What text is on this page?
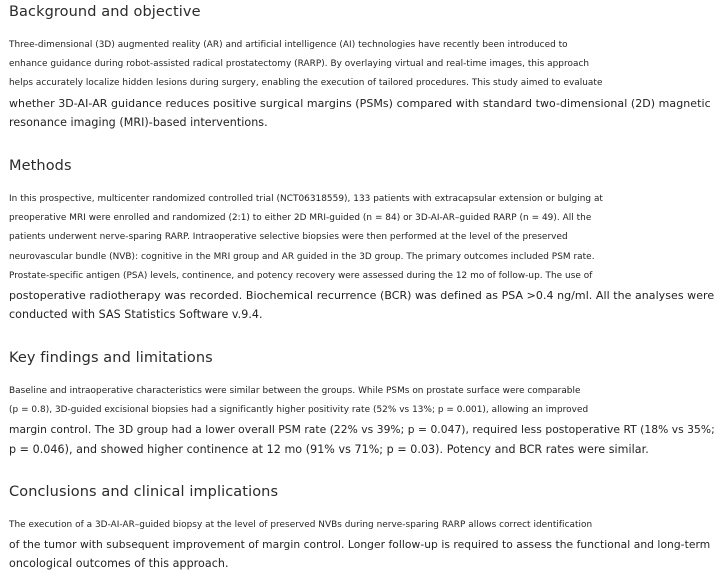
Background and objective
Three-dimensional (3D) augmented reality (AR) and artificial intelligence (AI) technologies have recently been introduced to
enhance guidance during robot-assisted radical prostatectomy (RARP). By overlaying virtual and real-time images, this approach
helps accurately localize hidden lesions during surgery, enabling the execution of tailored procedures. This study aimed to evaluate
whether 3D-AI-AR guidance reduces positive surgical margins (PSMs) compared with standard two-dimensional (2D) magnetic
resonance imaging (MRI)-based interventions.
Methods
In this prospective, multicenter randomized controlled trial (NCT06318559), 133 patients with extracapsular extension or bulging at
preoperative MRI were enrolled and randomized (2:1) to either 2D MRI-guided (n = 84) or 3D-AI-AR–guided RARP (n = 49). All the
patients underwent nerve-sparing RARP. Intraoperative selective biopsies were then performed at the level of the preserved
neurovascular bundle (NVB): cognitive in the MRI group and AR guided in the 3D group. The primary outcomes included PSM rate.
Prostate-specific antigen (PSA) levels, continence, and potency recovery were assessed during the 12 mo of follow-up. The use of
postoperative radiotherapy was recorded. Biochemical recurrence (BCR) was defined as PSA >0.4 ng/ml. All the analyses were
conducted with SAS Statistics Software v.9.4.
Key findings and limitations
Baseline and intraoperative characteristics were similar between the groups. While PSMs on prostate surface were comparable
(p = 0.8), 3D-guided excisional biopsies had a significantly higher positivity rate (52% vs 13%; p = 0.001), allowing an improved
margin control. The 3D group had a lower overall PSM rate (22% vs 39%; p = 0.047), required less postoperative RT (18% vs 35%;
p = 0.046), and showed higher continence at 12 mo (91% vs 71%; p = 0.03). Potency and BCR rates were similar.
Conclusions and clinical implications
The execution of a 3D-AI-AR–guided biopsy at the level of preserved NVBs during nerve-sparing RARP allows correct identification
of the tumor with subsequent improvement of margin control. Longer follow-up is required to assess the functional and long-term
oncological outcomes of this approach.
